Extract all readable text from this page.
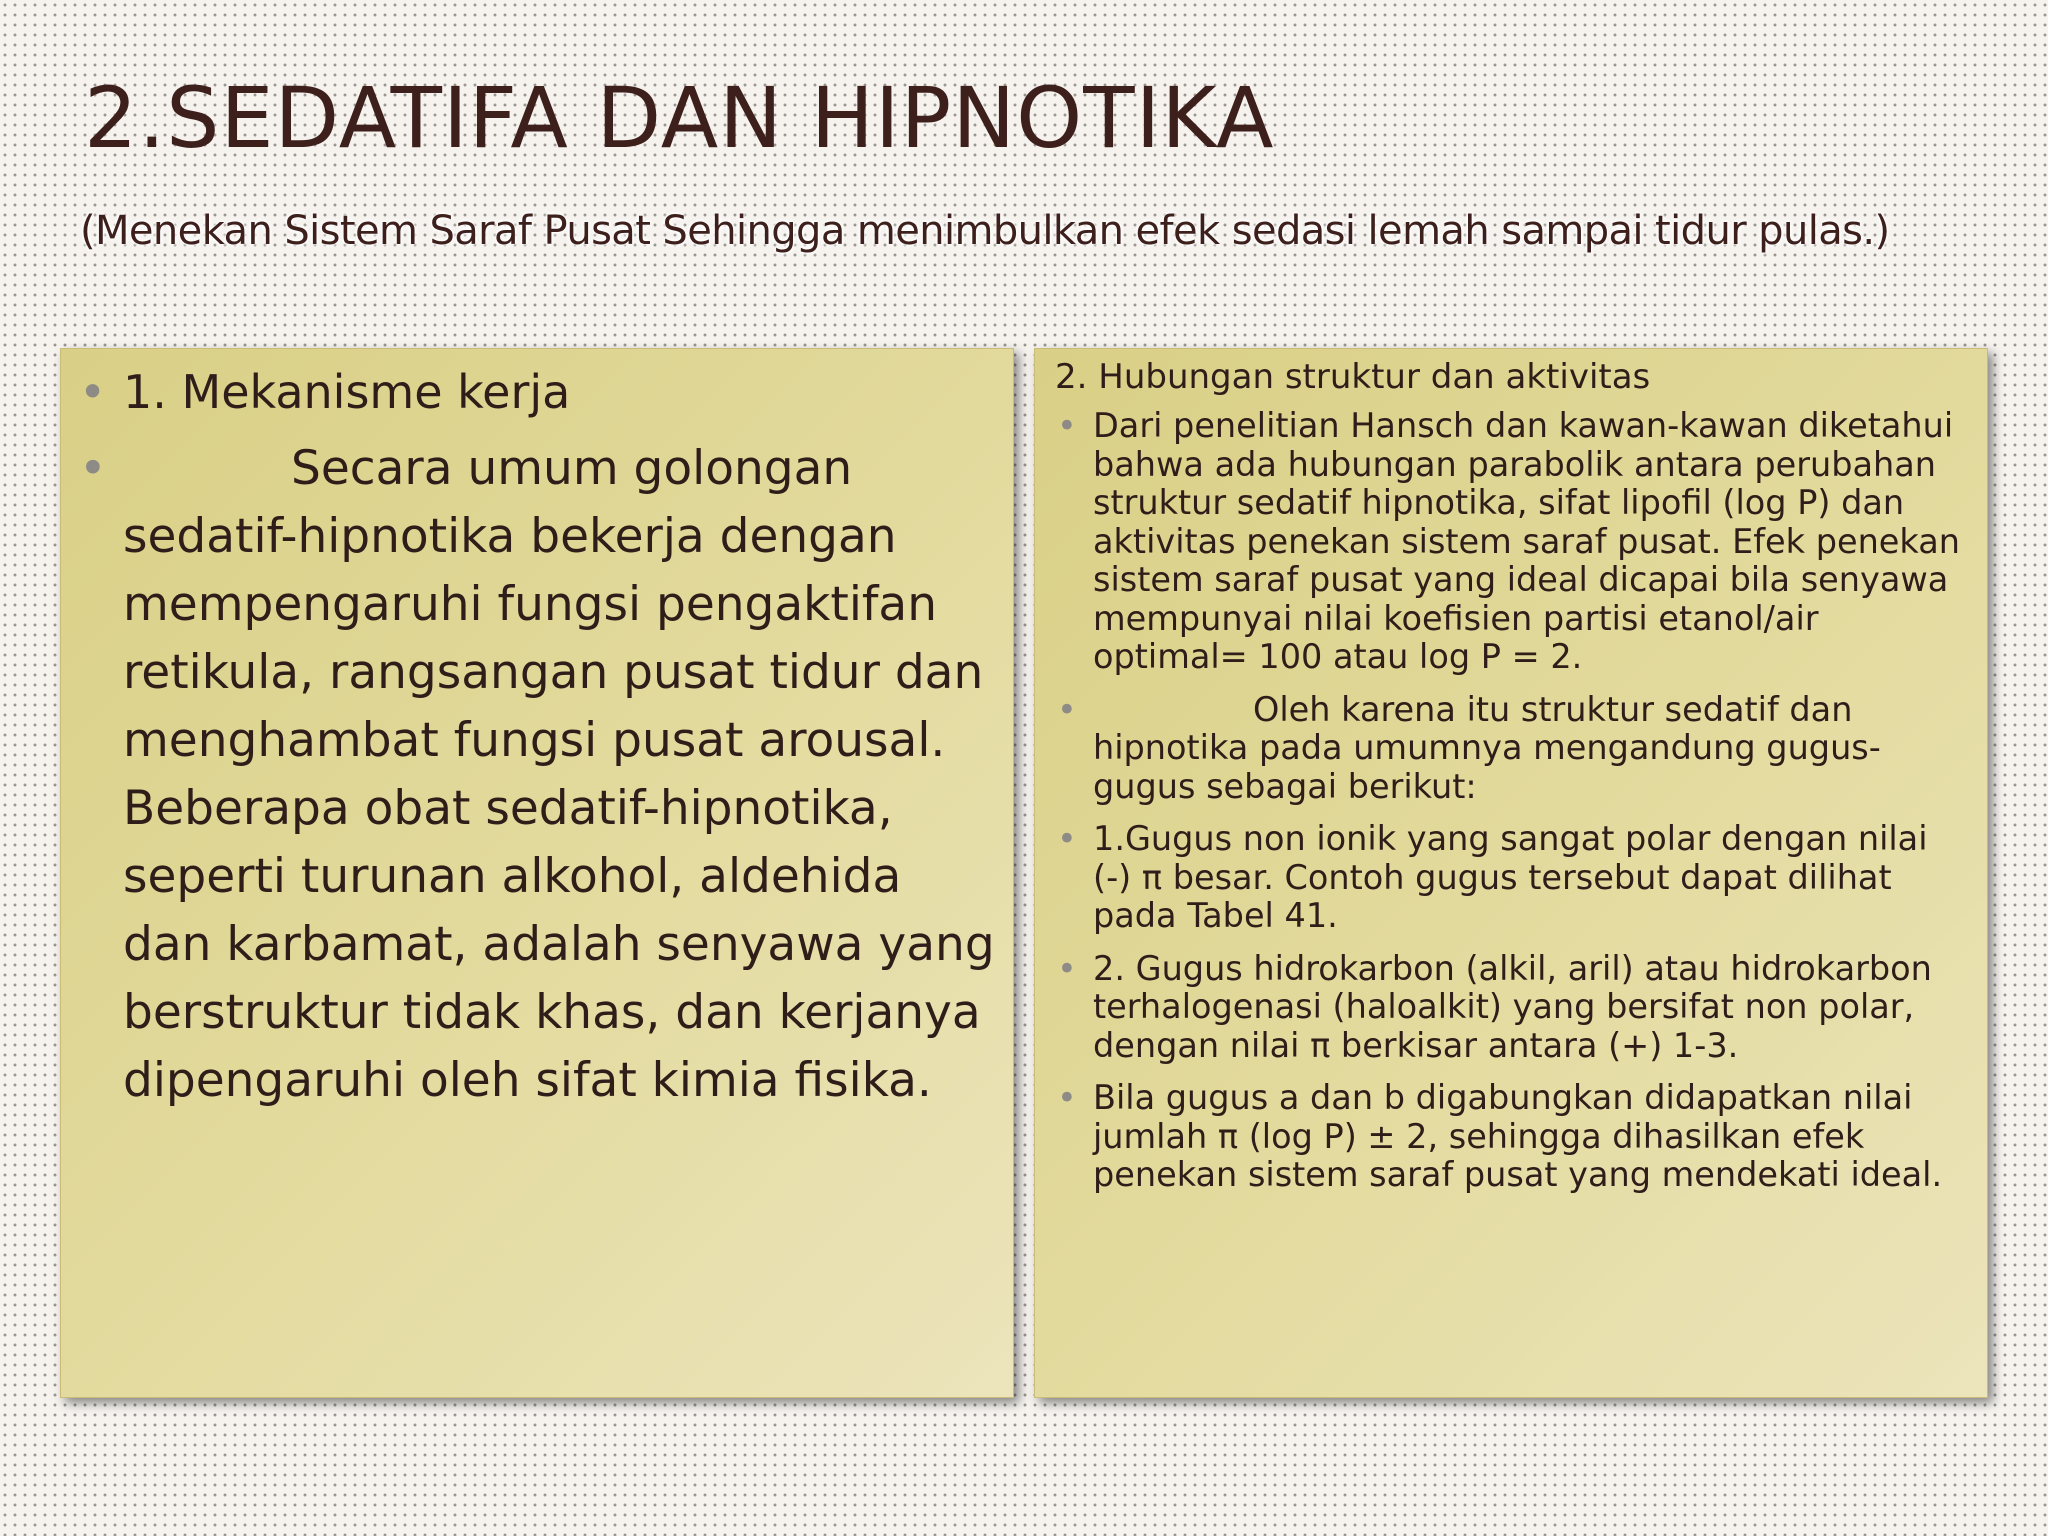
2.SEDATIFA DAN HIPNOTIKA

(Menekan Sistem Saraf Pusat Sehingga menimbulkan efek sedasi lemah sampai tidur pulas.)

• 1. Mekanisme kerja
•	Secara umum golongan sedatif-hipnotika bekerja dengan mempengaruhi fungsi pengaktifan retikula, rangsangan pusat tidur dan menghambat fungsi pusat arousal. Beberapa obat sedatif-hipnotika, seperti turunan alkohol, aldehida dan karbamat, adalah senyawa yang berstruktur tidak khas, dan kerjanya dipengaruhi oleh sifat kimia fisika.

2. Hubungan struktur dan aktivitas

• Dari penelitian Hansch dan kawan-kawan diketahui bahwa ada hubungan parabolik antara perubahan struktur sedatif hipnotika, sifat lipofil (log P) dan aktivitas penekan sistem saraf pusat. Efek penekan sistem saraf pusat yang ideal dicapai bila senyawa mempunyai nilai koefisien partisi etanol/air optimal= 100 atau log P = 2.
•	Oleh karena itu struktur sedatif dan hipnotika pada umumnya mengandung gugus-gugus sebagai berikut:
• 1.Gugus non ionik yang sangat polar dengan nilai (-) π besar. Contoh gugus tersebut dapat dilihat pada Tabel 41.
• 2. Gugus hidrokarbon (alkil, aril) atau hidrokarbon terhalogenasi (haloalkit) yang bersifat non polar, dengan nilai π berkisar antara (+) 1-3.
• Bila gugus a dan b digabungkan didapatkan nilai jumlah π (log P) ± 2, sehingga dihasilkan efek penekan sistem saraf pusat yang mendekati ideal.
